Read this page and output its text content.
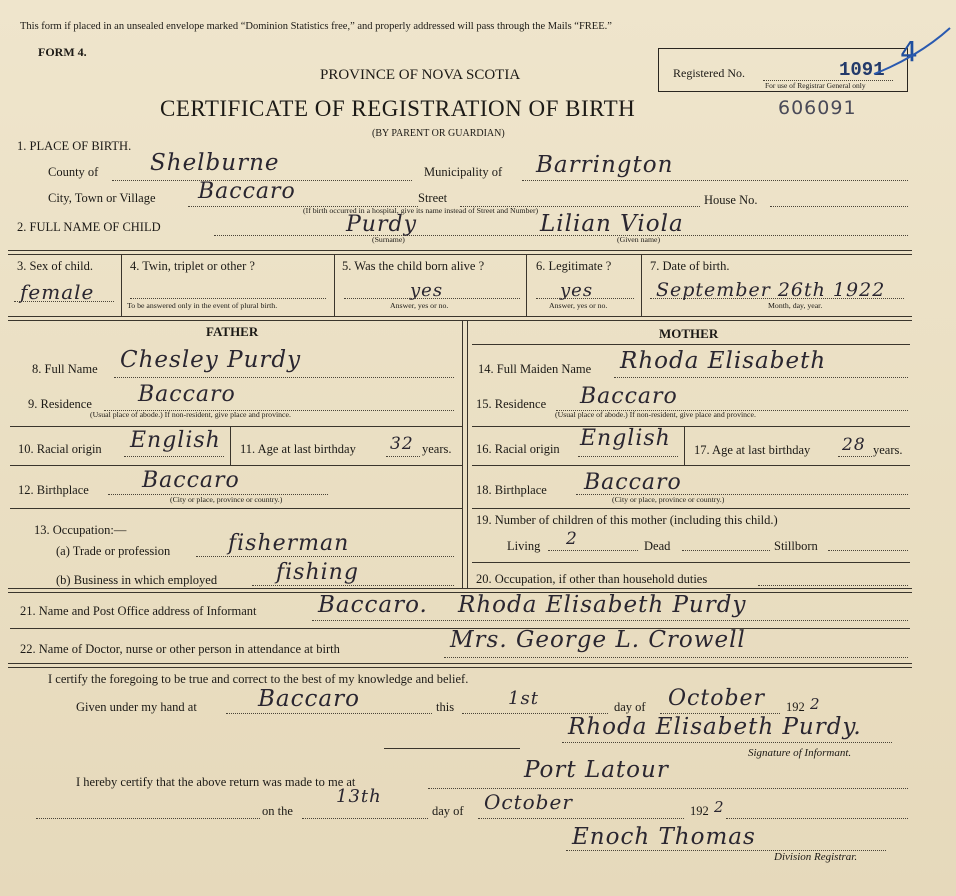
This form if placed in an unsealed envelope marked “Dominion Statistics free,” and properly addressed will pass through the Mails “FREE.”
FORM 4.
PROVINCE OF NOVA SCOTIA
CERTIFICATE OF REGISTRATION OF BIRTH	606091
(BY PARENT OR GUARDIAN)
Registered No.	1091
For use of Registrar General only
4
1. PLACE OF BIRTH.
County of Shelburne	Municipality of Barrington
City, Town or Village Baccaro	Street	House No.
(If birth occurred in a hospital, give its name instead of Street and Number)
2. FULL NAME OF CHILD	Purdy	Lilian Viola
(Surname)	(Given name)
3. Sex of child.
female
4. Twin, triplet or other ?
To be answered only in the event of plural birth.
5. Was the child born alive ?
yes
Answer, yes or no.
6. Legitimate ?
yes
Answer, yes or no.
7. Date of birth.
September 26th 1922
Month, day, year.
FATHER	MOTHER
8. Full Name Chesley Purdy	14. Full Maiden Name Rhoda Elisabeth
9. Residence Baccaro
(Usual place of abode.) If non-resident, give place and province.
15. Residence Baccaro
(Usual place of abode.) If non-resident, give place and province.
10. Racial origin English 11. Age at last birthday 32 years. 16. Racial origin English 17. Age at last birthday 28 years.
12. Birthplace Baccaro
(City or place, province or country.)
18. Birthplace Baccaro
(City or place, province or country.)
13. Occupation:—
(a) Trade or profession	fisherman
(b) Business in which employed	fishing
19. Number of children of this mother (including this child.)
Living 2	Dead	Stillborn
20. Occupation, if other than household duties
21. Name and Post Office address of Informant	Baccaro. Rhoda Elisabeth Purdy
22. Name of Doctor, nurse or other person in attendance at birth	Mrs. George L. Crowell
I certify the foregoing to be true and correct to the best of my knowledge and belief.
Given under my hand at	Baccaro	this	1st	day of October 192 2
Rhoda Elisabeth Purdy.
Signature of Informant.
I hereby certify that the above return was made to me at	Port Latour
on the
13th
day of October	192 2
Enoch Thomas
Division Registrar.
